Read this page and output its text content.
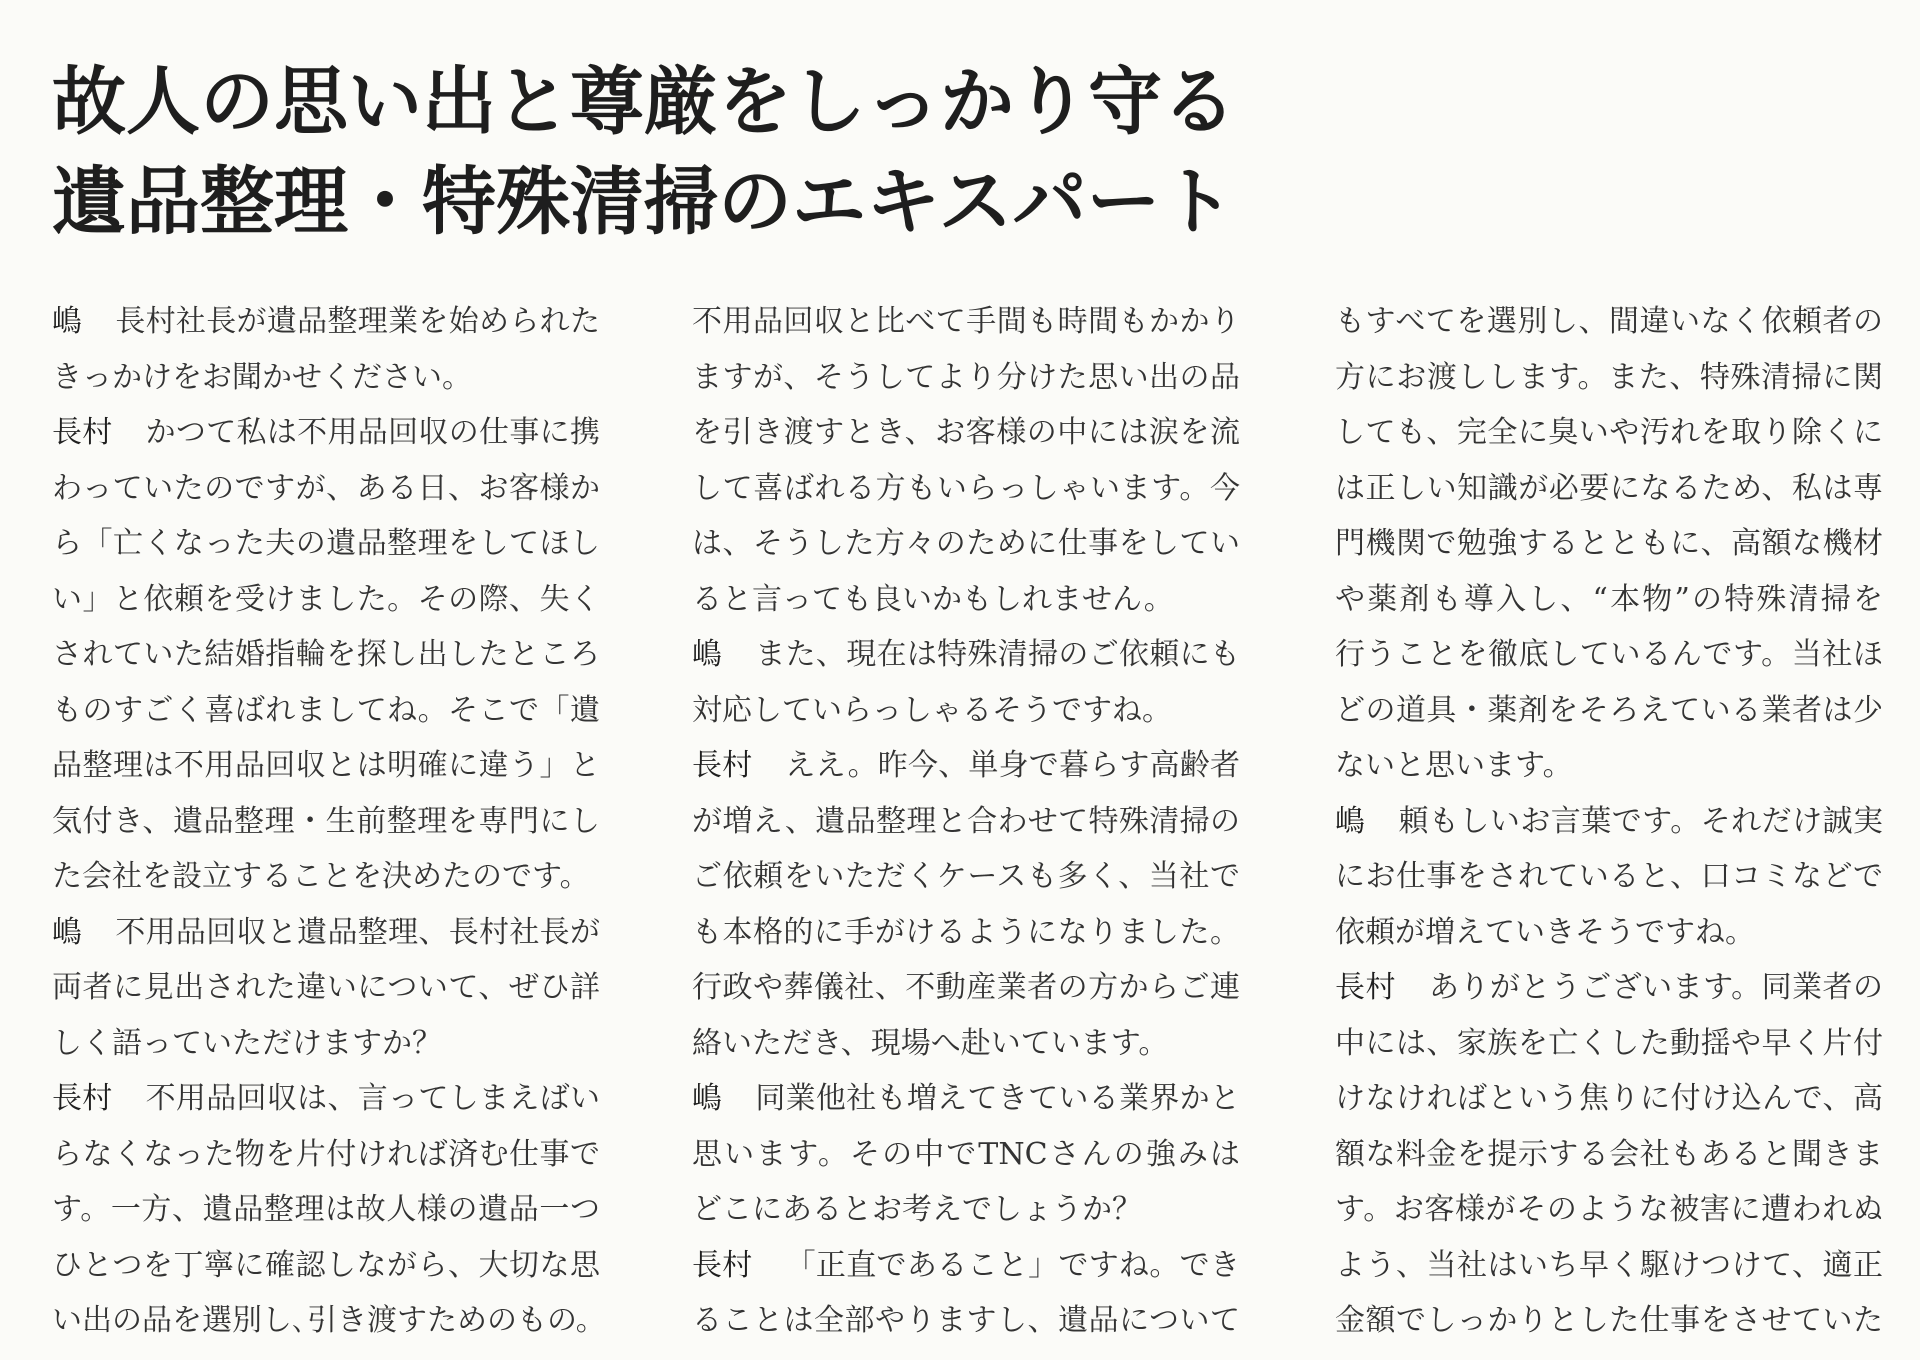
故人の思い出と尊厳をしっかり守る
遺品整理・特殊清掃のエキスパート
嶋 長村社長が遺品整理業を始められた
きっかけをお聞かせください。
長村 かつて私は不用品回収の仕事に携
わっていたのですが、ある日、お客様か
ら「亡くなった夫の遺品整理をしてほし
い」と依頼を受けました。その際、失く
されていた結婚指輪を探し出したところ
ものすごく喜ばれましてね。そこで「遺
品整理は不用品回収とは明確に違う」と
気付き、遺品整理・生前整理を専門にし
た会社を設立することを決めたのです。
嶋 不用品回収と遺品整理、長村社長が
両者に見出された違いについて、ぜひ詳
しく語っていただけますか？
長村 不用品回収は、言ってしまえばい
らなくなった物を片付ければ済む仕事で
す。一方、遺品整理は故人様の遺品一つ
ひとつを丁寧に確認しながら、大切な思
い出の品を選別し､引き渡すためのもの。
不用品回収と比べて手間も時間もかかり
ますが、そうしてより分けた思い出の品
を引き渡すとき、お客様の中には涙を流
して喜ばれる方もいらっしゃいます。今
は、そうした方々のために仕事をしてい
ると言っても良いかもしれません。
嶋 また、現在は特殊清掃のご依頼にも
対応していらっしゃるそうですね。
長村 ええ。昨今、単身で暮らす高齢者
が増え、遺品整理と合わせて特殊清掃の
ご依頼をいただくケースも多く、当社で
も本格的に手がけるようになりました。
行政や葬儀社、不動産業者の方からご連
絡いただき、現場へ赴いています。
嶋 同業他社も増えてきている業界かと
思います。その中でTNCさんの強みは
どこにあるとお考えでしょうか？
長村 「正直であること」ですね。でき
ることは全部やりますし、遺品について
もすべてを選別し、間違いなく依頼者の
方にお渡しします。また、特殊清掃に関
しても、完全に臭いや汚れを取り除くに
は正しい知識が必要になるため、私は専
門機関で勉強するとともに、高額な機材
や薬剤も導入し、“本物”の特殊清掃を
行うことを徹底しているんです。当社ほ
どの道具・薬剤をそろえている業者は少
ないと思います。
嶋 頼もしいお言葉です。それだけ誠実
にお仕事をされていると、口コミなどで
依頼が増えていきそうですね。
長村 ありがとうございます。同業者の
中には、家族を亡くした動揺や早く片付
けなければという焦りに付け込んで、高
額な料金を提示する会社もあると聞きま
す。お客様がそのような被害に遭われぬ
よう、当社はいち早く駆けつけて、適正
金額でしっかりとした仕事をさせていた
